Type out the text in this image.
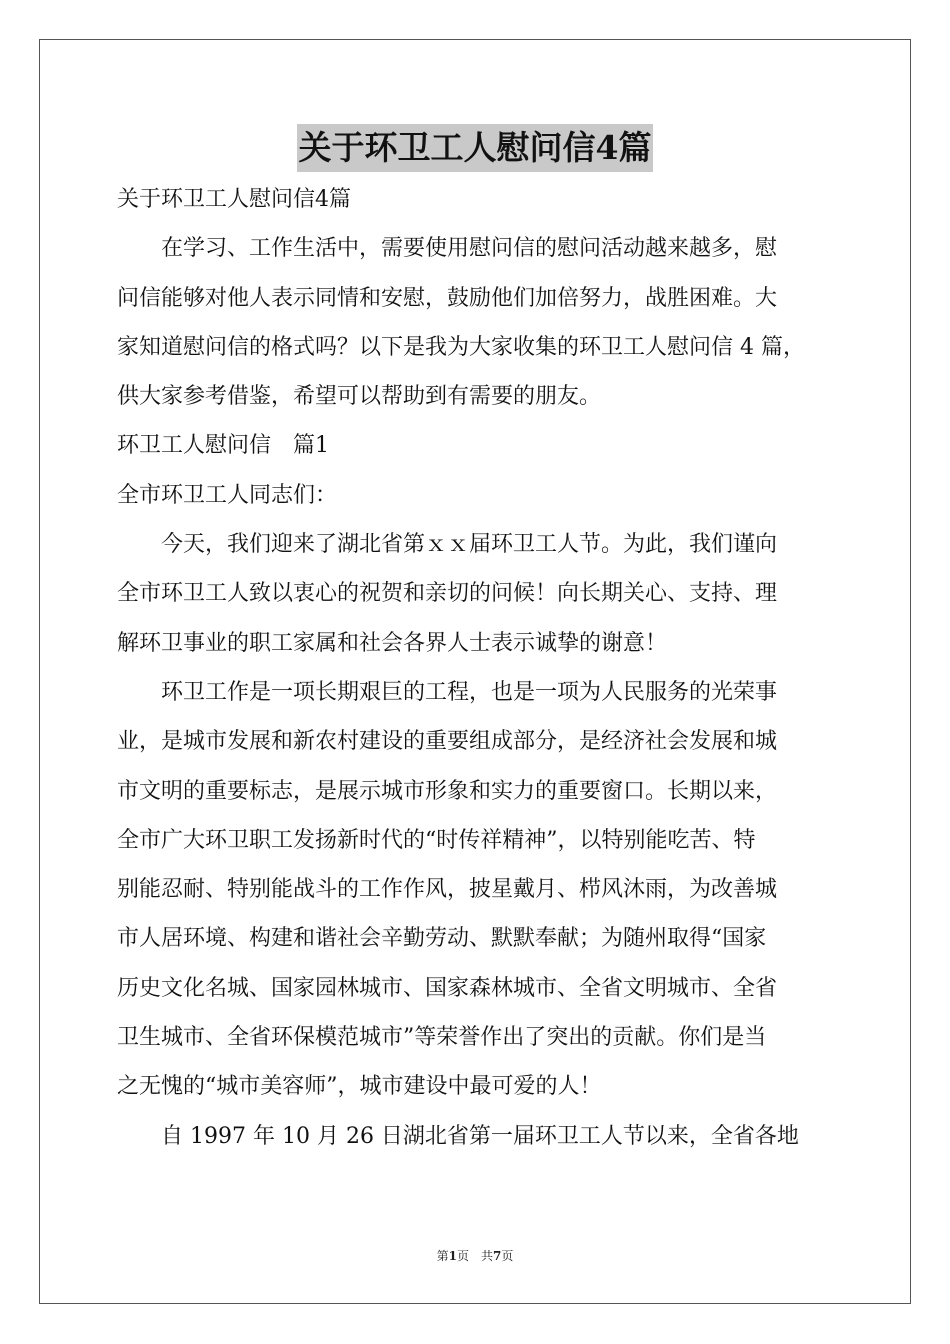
关于环卫工人慰问信4篇
关于环卫工人慰问信4篇
　　在学习、工作生活中，需要使用慰问信的慰问活动越来越多，慰
问信能够对他人表示同情和安慰，鼓励他们加倍努力，战胜困难。大
家知道慰问信的格式吗？以下是我为大家收集的环卫工人慰问信 4 篇，
供大家参考借鉴，希望可以帮助到有需要的朋友。
环卫工人慰问信　篇1
全市环卫工人同志们：
　　今天，我们迎来了湖北省第ｘｘ届环卫工人节。为此，我们谨向
全市环卫工人致以衷心的祝贺和亲切的问候！向长期关心、支持、理
解环卫事业的职工家属和社会各界人士表示诚挚的谢意！
　　环卫工作是一项长期艰巨的工程，也是一项为人民服务的光荣事
业，是城市发展和新农村建设的重要组成部分，是经济社会发展和城
市文明的重要标志，是展示城市形象和实力的重要窗口。长期以来，
全市广大环卫职工发扬新时代的“时传祥精神”，以特别能吃苦、特
别能忍耐、特别能战斗的工作作风，披星戴月、栉风沐雨，为改善城
市人居环境、构建和谐社会辛勤劳动、默默奉献；为随州取得“国家
历史文化名城、国家园林城市、国家森林城市、全省文明城市、全省
卫生城市、全省环保模范城市”等荣誉作出了突出的贡献。你们是当
之无愧的“城市美容师”，城市建设中最可爱的人！
　　自 1997 年 10 月 26 日湖北省第一届环卫工人节以来，全省各地
第1页　共7页
